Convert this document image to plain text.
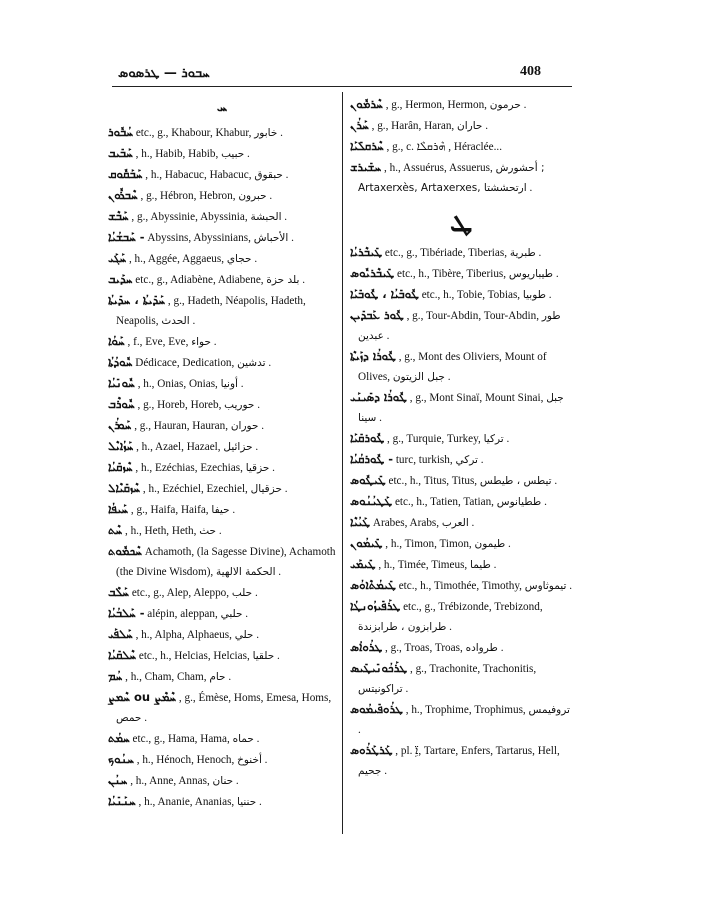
ܚܒܘܪ — ܛܪܣܘܣ	408
ܚ
ܚܳܒܽܘܪ etc., g., Khabour, Khabur, خابور .
ܚܰܒܺܝܒ , h., Habib, Habib, حبيب .
ܚܰܒܰܩܽܘܩ , h., Habacuc, Habacuc, حبقوق .
ܚܶܒܪܽܘܢ , g., Hébron, Hebron, حبرون .
ܚܰܒܶܫ , g., Abyssinie, Abyssinia, الحبشة .
ܚܰܒܫܳܝܳܐ - Abyssins, Abyssinians, الأحباش .
ܚܰܓܰܝ , h., Aggée, Aggaeus, حجاي .
ܚܕܰܝܒ etc., g., Adiabène, Adiabene, بلد حزة .
ܚܰܕܺܝܬܳܐ ، ܚܕܺܝܬܳܐ , g., Hadeth, Néapolis, Hadeth, Neapolis, الحدث .
ܚܰܘܳܐ , f., Eve, Eve, حواء .
ܚܽܘܕܳܬܳܐ Dédicace, Dedication, تدشين .
ܚܽܘܢܺܝܳܐ , h., Onias, Onias, أونيا .
ܚܽܘܪܶܒ , g., Horeb, Horeb, حوريب .
ܚܰܘܪܳܢ , g., Hauran, Hauran, حوران .
ܚܰܙܳܐܝܶܠ , h., Azael, Hazael, حزائيل .
ܚܶܙܩܺܝܳܐ , h., Ezéchias, Ezechias, حزقيا .
ܚܶܙܩܺܝܶܐܠ , h., Ezéchiel, Ezechiel, حزقيال .
ܚܰܝܦܳܐ , g., Haifa, Haifa, حيفا .
ܚܶܬ , h., Heth, Heth, حث .
ܚܶܟܡܽܘܬ Achamoth, (la Sagesse Divine), Achamoth (the Divine Wisdom), الحكمة الالهية .
ܚܰܠܶܒ etc., g., Alep, Aleppo, حلب .
ܚܰܠܒܳܝܳܐ - alépin, aleppan, حلبي .
ܚܰܠܦܰܝ , h., Alpha, Alphaeus, حلي .
ܚܶܠܩܺܝܳܐ etc., h., Helcias, Helcias, حلقيا .
ܚܳܡ , h., Cham, Cham, حام .
ܚܶܡܨ ou ܚܶܡܶܨ , g., Émèse, Homs, Emesa, Homs, حمص .
ܚܡܳܬ etc., g., Hama, Hama, حماه .
ܚܢܳܘܟ , h., Hénoch, Henoch, أخنوخ .
ܚܢܳܢ , h., Anne, Annas, حنان .
ܚܢܰܢܺܝܳܐ , h., Ananie, Ananias, حننيا .
ܚܶܪܡܽܘܢ , g., Hermon, Hermon, حرمون .
ܚܰܪܳܢ , g., Harân, Haran, حاران .
ܚܶܪܩܠܺܝܰܐ , g., c. ܗܶܪܩܠܶܐ , Héraclée...
ܚܫܺܝܪܫ , h., Assuérus, Assuerus, أحشورش ; Artaxerxès, Artaxerxes, ارتحششتا .
ܛ
ܛܺܝܒܶܪܝܳܐ etc., g., Tibériade, Tiberias, طبرية .
ܛܺܝܒܶܪܝܽܘܣ etc., h., Tibère, Tiberius, طيباريوس .
ܛܽܘܒܺܝܳܐ ، ܛܽܘܒܺܝܰܐ etc., h., Tobie, Tobias, طوبيا .
ܛܽܘܪ ܥܰܒܕܺܝܢ , g., Tour-Abdin, Tour-Abdin, طور عبدين .
ܛܽܘܪܳܐ ܕܙܰܝܬܶܐ , g., Mont des Oliviers, Mount of Olives, جبل الزيتون .
ܛܽܘܪܳܐ ܕܣܺܝܢܰܝ , g., Mont Sinaï, Mount Sinai, جبل سينا .
ܛܽܘܪܩܺܝܰܐ , g., Turquie, Turkey, تركيا .
ܛܽܘܪܩܳܝܳܐ - turc, turkish, تركي .
ܛܺܝܛܽܘܣ etc., h., Titus, Titus, تيطس ، طيطس .
ܛܰܛܝܳܢܳܘܣ etc., h., Tatien, Tatian, ططيانوس .
ܛܰܝܳܝܶܐ Arabes, Arabs, العرب .
ܛܺܝܡܳܘܢ , h., Timon, Timon, طيمون .
ܛܺܝܡܰܝ , h., Timée, Timeus, طيما .
ܛܺܝܡܳܬܶܐܘܳܣ etc., h., Timothée, Timothy, تيموثاوس .
ܛܪܰܦܺܝܙܳܘܢܛܳܐ etc., g., Trébizonde, Trebizond, طرابزون ، طرابزندة .
ܛܪܳܘܐܳܣ , g., Troas, Troas, طرواده .
ܛܪܰܟܳܘܢܺܝܛܺܝܣ , g., Trachonite, Trachonitis, تراكونيتس .
ܛܪܳܘܦܺܝܡܳܘܣ , h., Trophime, Trophimus, تروفيمس .
ܛܰܪܛܰܪܳܘܣ , pl. ܐܹ̈, Tartare, Enfers, Tartarus, Hell, جحيم .
